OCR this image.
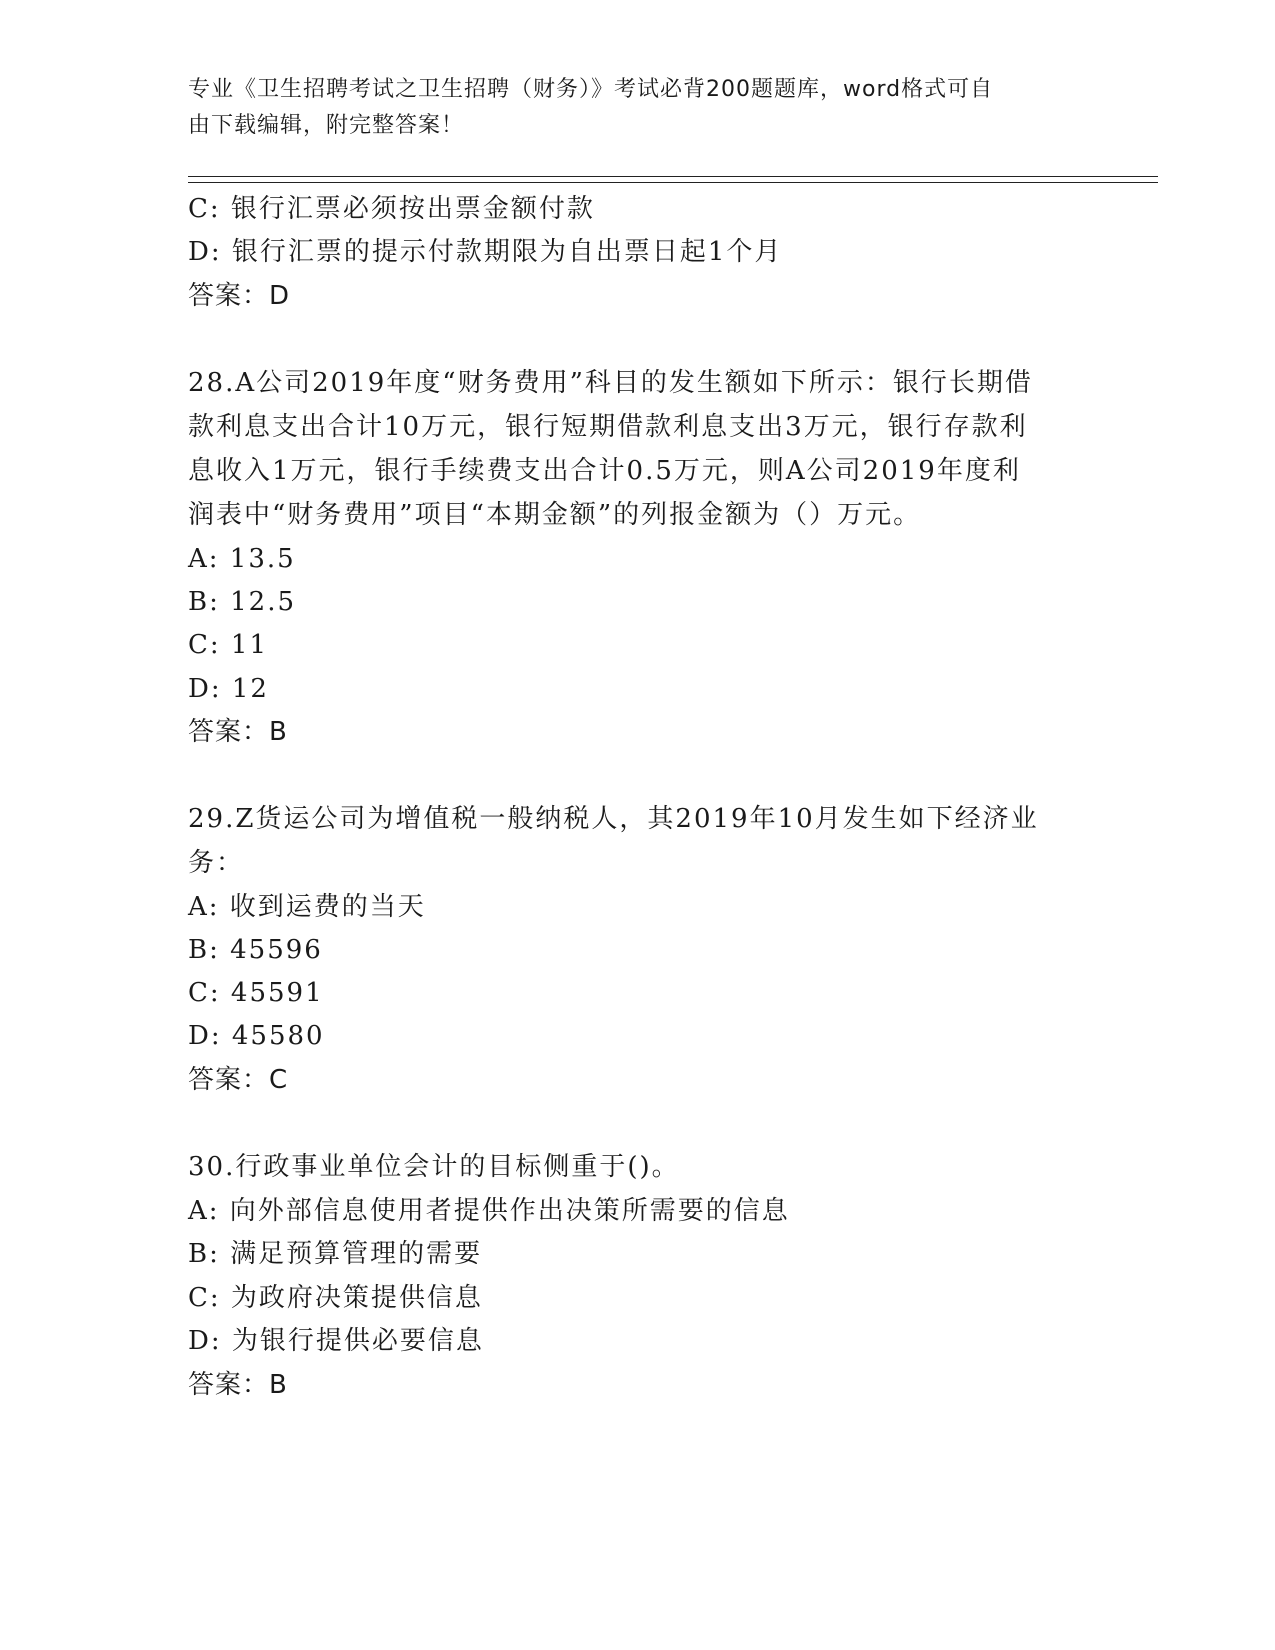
专业《卫生招聘考试之卫生招聘（财务）》考试必背200题题库，word格式可自
由下载编辑，附完整答案！
C: 银行汇票必须按出票金额付款
D: 银行汇票的提示付款期限为自出票日起1个月
答案：D
28.A公司2019年度“财务费用”科目的发生额如下所示：银行长期借
款利息支出合计10万元，银行短期借款利息支出3万元，银行存款利
息收入1万元，银行手续费支出合计0.5万元，则A公司2019年度利
润表中“财务费用”项目“本期金额”的列报金额为（）万元。
A: 13.5
B: 12.5
C: 11
D: 12
答案：B
29.Z货运公司为增值税一般纳税人，其2019年10月发生如下经济业
务：
A: 收到运费的当天
B: 45596
C: 45591
D: 45580
答案：C
30.行政事业单位会计的目标侧重于()。
A: 向外部信息使用者提供作出决策所需要的信息
B: 满足预算管理的需要
C: 为政府决策提供信息
D: 为银行提供必要信息
答案：B
